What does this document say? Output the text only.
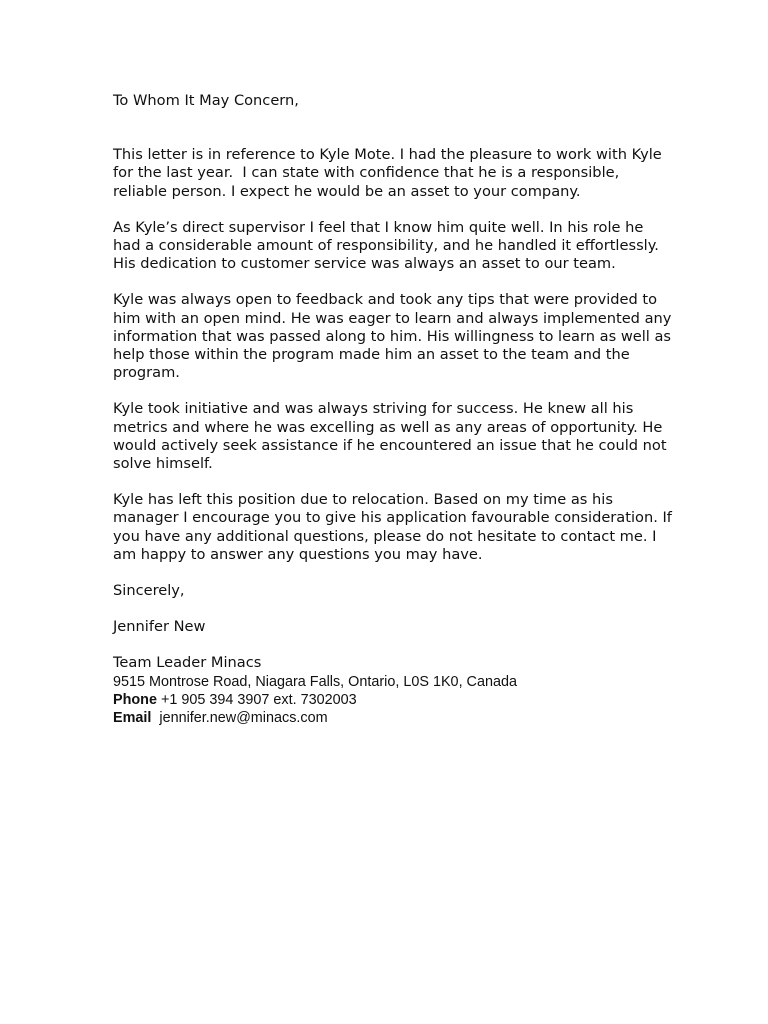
To Whom It May Concern,

This letter is in reference to Kyle Mote. I had the pleasure to work with Kyle for the last year.  I can state with confidence that he is a responsible, reliable person. I expect he would be an asset to your company.

As Kyle’s direct supervisor I feel that I know him quite well. In his role he had a considerable amount of responsibility, and he handled it effortlessly. His dedication to customer service was always an asset to our team.

Kyle was always open to feedback and took any tips that were provided to him with an open mind. He was eager to learn and always implemented any information that was passed along to him. His willingness to learn as well as help those within the program made him an asset to the team and the program.

Kyle took initiative and was always striving for success. He knew all his metrics and where he was excelling as well as any areas of opportunity. He would actively seek assistance if he encountered an issue that he could not solve himself.

Kyle has left this position due to relocation. Based on my time as his manager I encourage you to give his application favourable consideration. If you have any additional questions, please do not hesitate to contact me. I am happy to answer any questions you may have.

Sincerely,

Jennifer New

Team Leader Minacs

9515 Montrose Road, Niagara Falls, Ontario, L0S 1K0, Canada
Phone +1 905 394 3907 ext. 7302003
Email  jennifer.new@minacs.com
